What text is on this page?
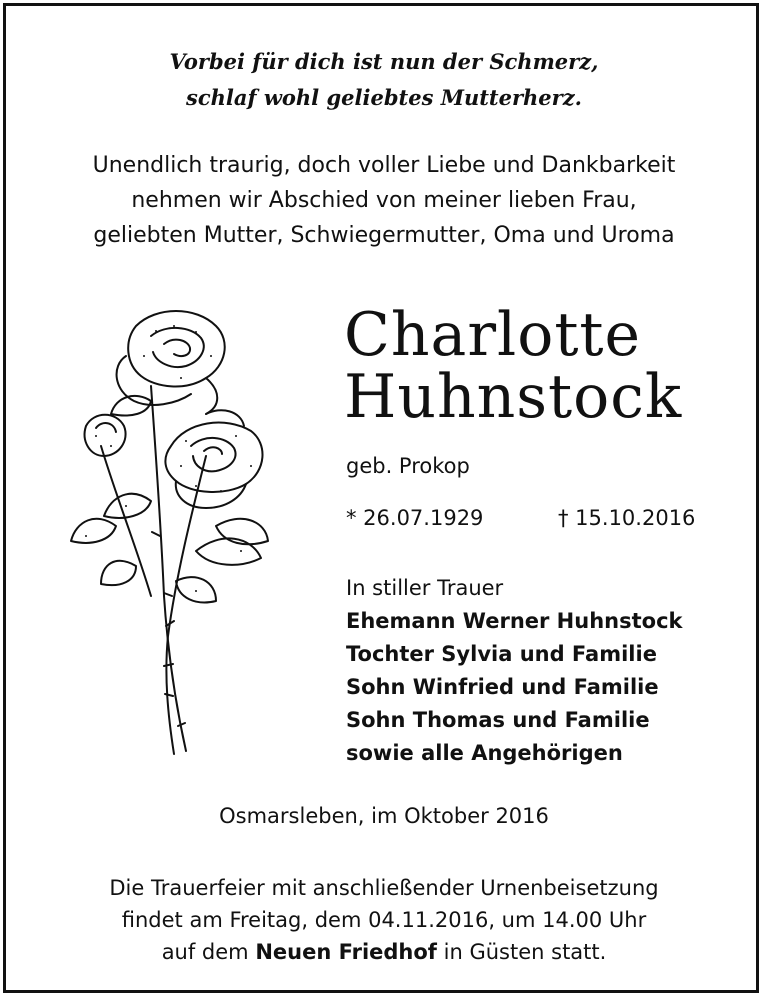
Vorbei für dich ist nun der Schmerz,
schlaf wohl geliebtes Mutterherz.
Unendlich traurig, doch voller Liebe und Dankbarkeit
nehmen wir Abschied von meiner lieben Frau,
geliebten Mutter, Schwiegermutter, Oma und Uroma
Charlotte
Huhnstock
geb. Prokop
* 26.07.1929	† 15.10.2016
In stiller Trauer
Ehemann Werner Huhnstock
Tochter Sylvia und Familie
Sohn Winfried und Familie
Sohn Thomas und Familie
sowie alle Angehörigen
Osmarsleben, im Oktober 2016
Die Trauerfeier mit anschließender Urnenbeisetzung
findet am Freitag, dem 04.11.2016, um 14.00 Uhr
auf dem Neuen Friedhof in Güsten statt.
